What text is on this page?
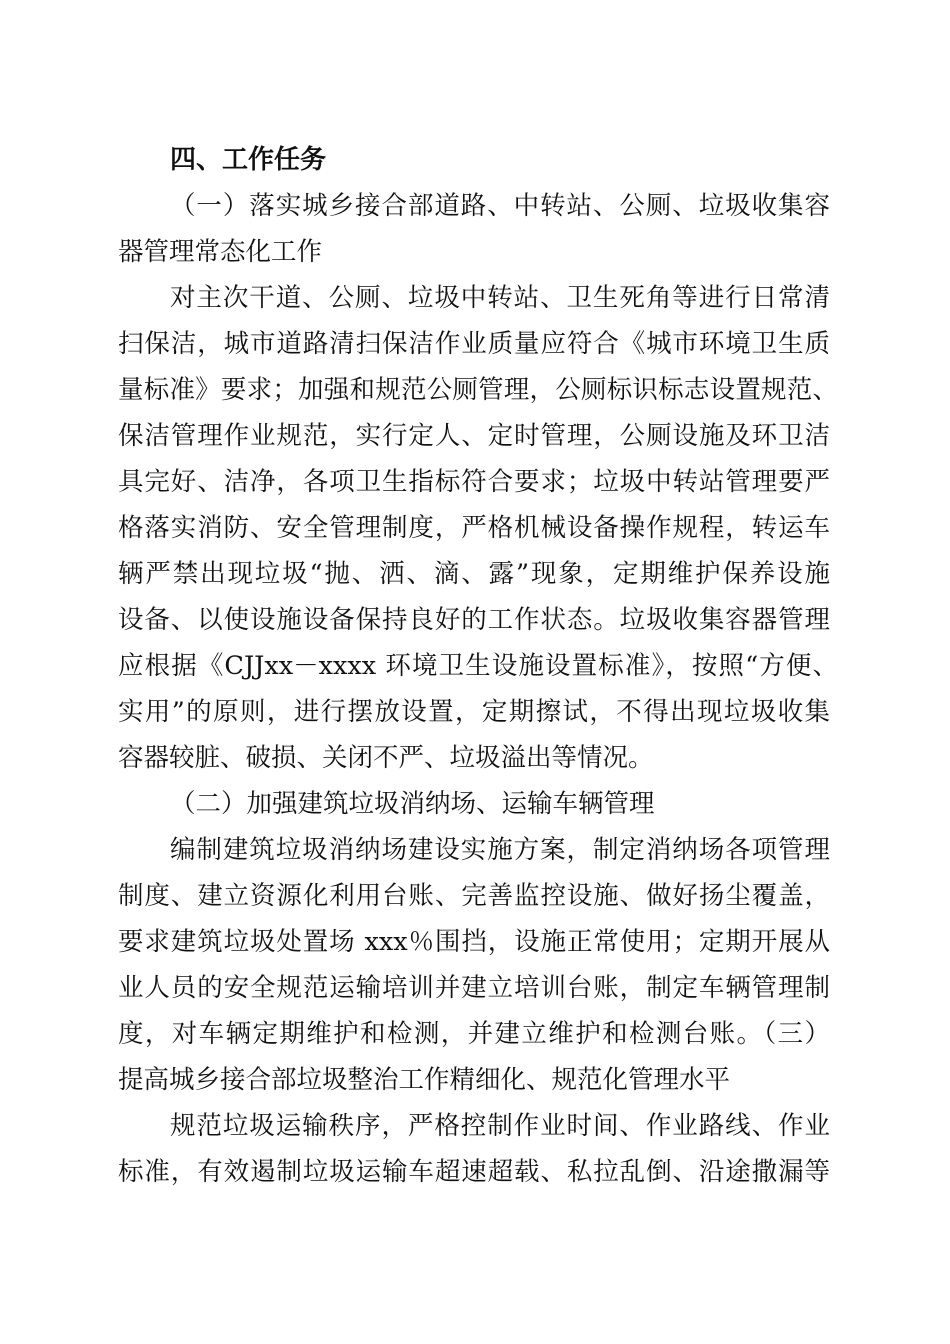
四、工作任务
（一）落实城乡接合部道路、中转站、公厕、垃圾收集容
器管理常态化工作
对主次干道、公厕、垃圾中转站、卫生死角等进行日常清
扫保洁，城市道路清扫保洁作业质量应符合《城市环境卫生质
量标准》要求；加强和规范公厕管理，公厕标识标志设置规范、
保洁管理作业规范，实行定人、定时管理，公厕设施及环卫洁
具完好、洁净，各项卫生指标符合要求；垃圾中转站管理要严
格落实消防、安全管理制度，严格机械设备操作规程，转运车
辆严禁出现垃圾“抛、洒、滴、露”现象，定期维护保养设施
设备、以使设施设备保持良好的工作状态。垃圾收集容器管理
应根据《CJJxx－xxxx 环境卫生设施设置标准》，按照“方便、
实用”的原则，进行摆放设置，定期擦试，不得出现垃圾收集
容器较脏、破损、关闭不严、垃圾溢出等情况。
（二）加强建筑垃圾消纳场、运输车辆管理
编制建筑垃圾消纳场建设实施方案，制定消纳场各项管理
制度、建立资源化利用台账、完善监控设施、做好扬尘覆盖，
要求建筑垃圾处置场 xxx％围挡，设施正常使用；定期开展从
业人员的安全规范运输培训并建立培训台账，制定车辆管理制
度，对车辆定期维护和检测，并建立维护和检测台账。（三）
提高城乡接合部垃圾整治工作精细化、规范化管理水平
规范垃圾运输秩序，严格控制作业时间、作业路线、作业
标准，有效遏制垃圾运输车超速超载、私拉乱倒、沿途撒漏等
